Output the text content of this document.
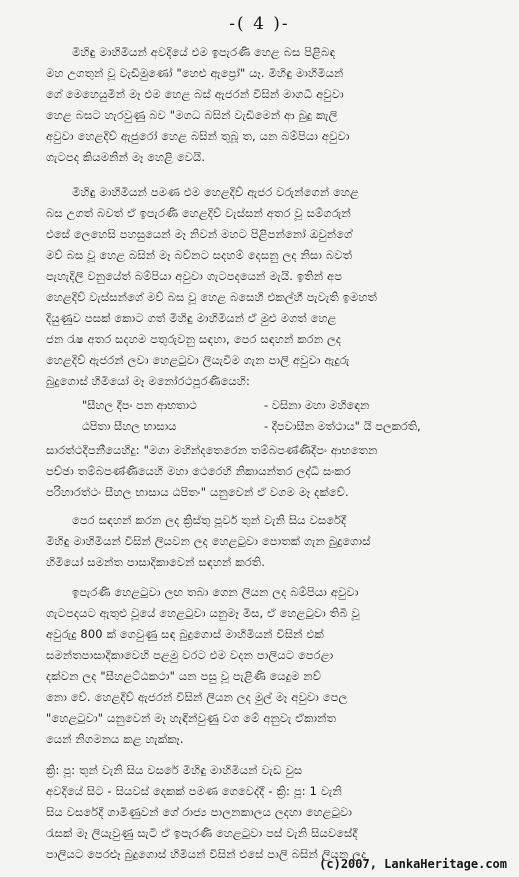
-( 4 )-
මිහිඳු මාහිමියන් අවදියේ එම ඉපැරණි හෙළ බස පිළිබඳ
මහ උගතුන් වූ වැඩිමුණෝ "හෙළු ඇප්‍රෝ" යෑ. මිහිඳු මාහිමියන්
ගේ මෙහෙයුමින් මෑ එම හෙළ බස් ඇජරන් විසින් මාගධී අවුවා
හෙළ බසට හැරවුණු බව "මගධ බසින් වැඩිමෙන් ආ බුදු කැලි
අවුවා හෙළදිව් ඇජුරෝ හෙළ බසින් තුබූ ත, යන බම්පියා අවුවා
ගැටපද කියමනින් මෑ හෙළි වෙයි.
මිහිඳු මාහිමියන් පමණ එම හෙළදිව් ඇජර වරුන්ගෙන් හෙළ
බස උගත් බවත් ඒ ඉපැරණි හෙළදිව් වැස්සන් අතර වූ සම්ගරුන්
එසේ ලෙහෙසි පහසුයෙන් මෑ නිවන් මහට පිළිපන්නෝ ඔවුන්ගේ
මව් බස වූ හෙළ බසින් මෑ බව්නට සදහම් දෙසනු ලද නිසා බවත්
පැහැදිලි වනුයේත් බම්පියා අවුවා ගැටපදයෙන් මැයි. ඉතින් අප
හෙළදිව් වැස්සන්ගේ මව් බස වූ හෙළ බසෙහි එකල්හී පැවැති ඉමහත්
දියුණුව පසක් කොට ගත් මිහිඳු මාහිමියන් ඒ මුළු මගත් හෙළ
ජන රැෂ අතර සදහම පතුරුවනු සඳහා, පෙර සඳහන් කරන ලද
හෙළදිව් ඇජරන් ලවා හෙළටුවා ලියැවීම ගැන පාලි අවුවා ඇදුරු
බුදුගොස් හිමියෝ මෑ මනෝරථපූරණියෙහි:
"සීහල දීපං පන ආභතාථ	- වසිනා මහා මහිඳෙන
ඨපිතා සීහල භාසාය	- දීපවාසීන මත්ථාය" යි පලකරති,
සාරත්ථදීපනීයෙහිදු: "මගා මහින්දතෙරෙන තම්බපණ්ණිදීපං ආභතෙන
පච්ඡා තම්බපණ්ණියෙහි මහා ථෙරෙහි නිකායන්තර ලද්ධි සංකර
පරිහාරත්ථං සීහල භාසාය ඨපිතං" යනුවෙන් ඒ වගම මෑ දක්වේ.
පෙර සඳහන් කරන ලද ක්‍රිස්තු පූර්ව තුන් වැනි සිය වසරේදී
මිහිඳු මාහිමියන් විසින් ලියවන ලද හෙළටුවා පොතක් ගැන බුදුගොස්
හිමියෝ සමන්ත පාසාදිකාවෙන් සඳහන් කරති.
ඉපැරණි හෙළටුවා ලඟ තබා ගෙන ලියන ලද බම්පියා අවුවා
ගැටපදයට ඇතුළු වූයේ හෙළටුවා යනුමෑ මිස, ඒ හෙළටුවා තිබී වූ
අවුරුදු 800 ක් ගෙවුණු සඳ බුදුගොස් මාහිමියන් විසින් එක්
සමන්තපාසාදිකාවෙහි පළමු වරට එම වදන පාලියට පෙරළා
දක්වන ලද "සීහළට්ඨකථා" යන පසු වූ පැළිණි යෙදුම නව්
නො වේ. හෙළදිව් ඇජරන් විසින් ලියන ලද මුල් මෑ අවුවා පෙල
"හෙළටුවා" යනුවෙන් මෑ හැඳින්වුණු වග මේ අනුවැ ඒකාන්ත
යෙන් නිගමනය කළ හැක්කෑ.
ක්‍රි: පූ: තුන් වැනි සිය වසරේ මිහිඳු මාහිමියන් වැඩ වුස
අවදියේ සිට - සියවස් දෙකක් පමණ ගෙවෙද්දී - ක්‍රි: පූ: 1 වැනි
සිය වසරේදී ගාමිණුවන් ගේ රාජ්‍ය පාලනකාලය ලදහා හෙළටුවා
රැසක් මෑ ලියැවුණු සැටි ඒ ඉපැරණි හෙළටුවා පස් වැනි සියවසේදී
පාලියට පෙරළූ බුදුගොස් හිමියන් විසින් එසේ පාලි බසින් ලියන ලද
(c)2007, LankaHeritage.com
